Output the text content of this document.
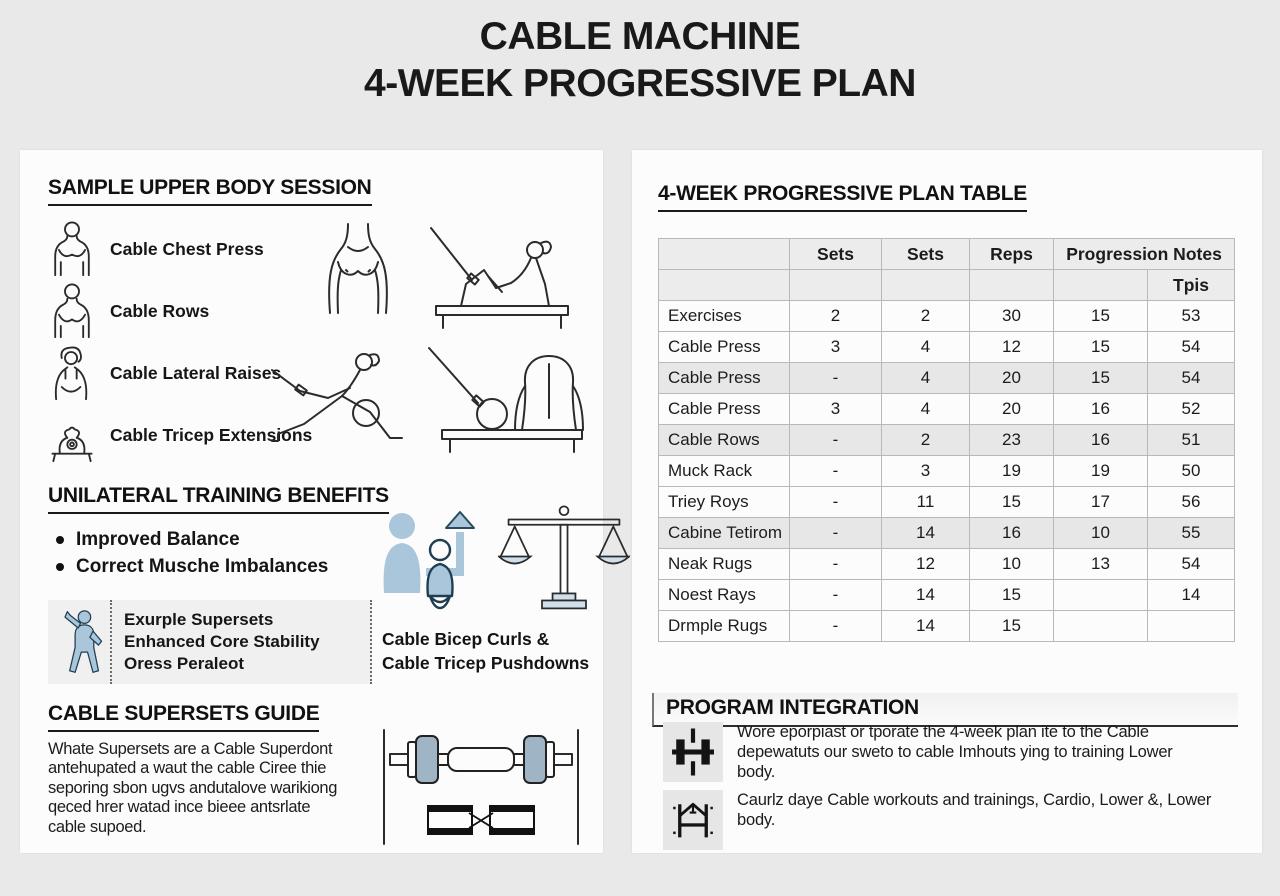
CABLE MACHINE
4-WEEK PROGRESSIVE PLAN
SAMPLE UPPER BODY SESSION
Cable Chest Press
Cable Rows
Cable Lateral Raises
Cable Tricep Extensions
UNILATERAL TRAINING BENEFITS
Improved Balance
Correct Musche Imbalances
Exurple Supersets
Enhanced Core Stability
Oress Peraleot
Cable Bicep Curls &
Cable Tricep Pushdowns
CABLE SUPERSETS GUIDE
Whate Supersets are a Cable Superdont antehupated a waut the cable Ciree thie seporing sbon ugvs andutalove warikiong qeced hrer watad ince bieee antsrlate cable supoed.
4-WEEK PROGRESSIVE PLAN TABLE
	Sets	Sets	Reps	Progression Notes	
					Tpis
Exercises	2	2	30	15	53
Cable Press	3	4	12	15	54
Cable Press	-	4	20	15	54
Cable Press	3	4	20	16	52
Cable Rows	-	2	23	16	51
Muck Rack	-	3	19	19	50
Triey Roys	-	11	15	17	56
Cabine Tetirom	-	14	16	10	55
Neak Rugs	-	12	10	13	54
Noest Rays	-	14	15		14
Drmple Rugs	-	14	15		
PROGRAM INTEGRATION
Wore eporpiast or tporate the 4-week plan ite to the Cable depewatuts our sweto to cable Imhouts ying to training Lower body.
Caurlz daye Cable workouts and trainings, Cardio, Lower &, Lower body.
